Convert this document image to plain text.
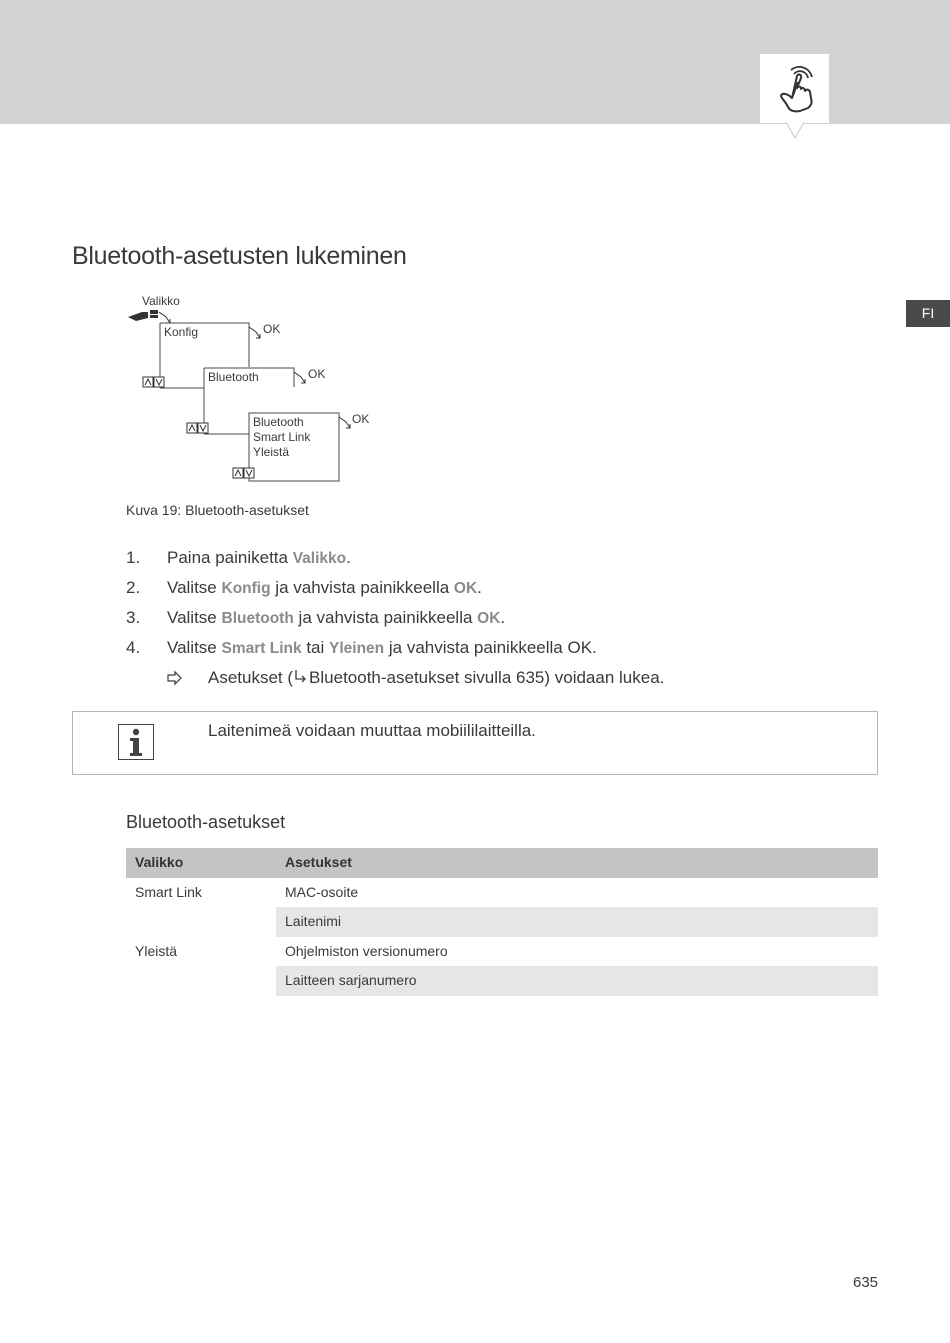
FI
Bluetooth-asetusten lukeminen
Valikko
Konfig	OK
Bluetooth	OK
Bluetooth
Smart Link
Yleistä
OK
Kuva 19: Bluetooth-asetukset
1. Paina painiketta Valikko.
2. Valitse Konfig ja vahvista painikkeella OK.
3. Valitse Bluetooth ja vahvista painikkeella OK.
4. Valitse Smart Link tai Yleinen ja vahvista painikkeella OK.
Asetukset ( Bluetooth-asetukset sivulla 635) voidaan lukea.
Laitenimeä voidaan muuttaa mobiililaitteilla.
Bluetooth-asetukset
Valikko	Asetukset
Smart Link	MAC-osoite
Laitenimi
Yleistä	Ohjelmiston versionumero
Laitteen sarjanumero
635
